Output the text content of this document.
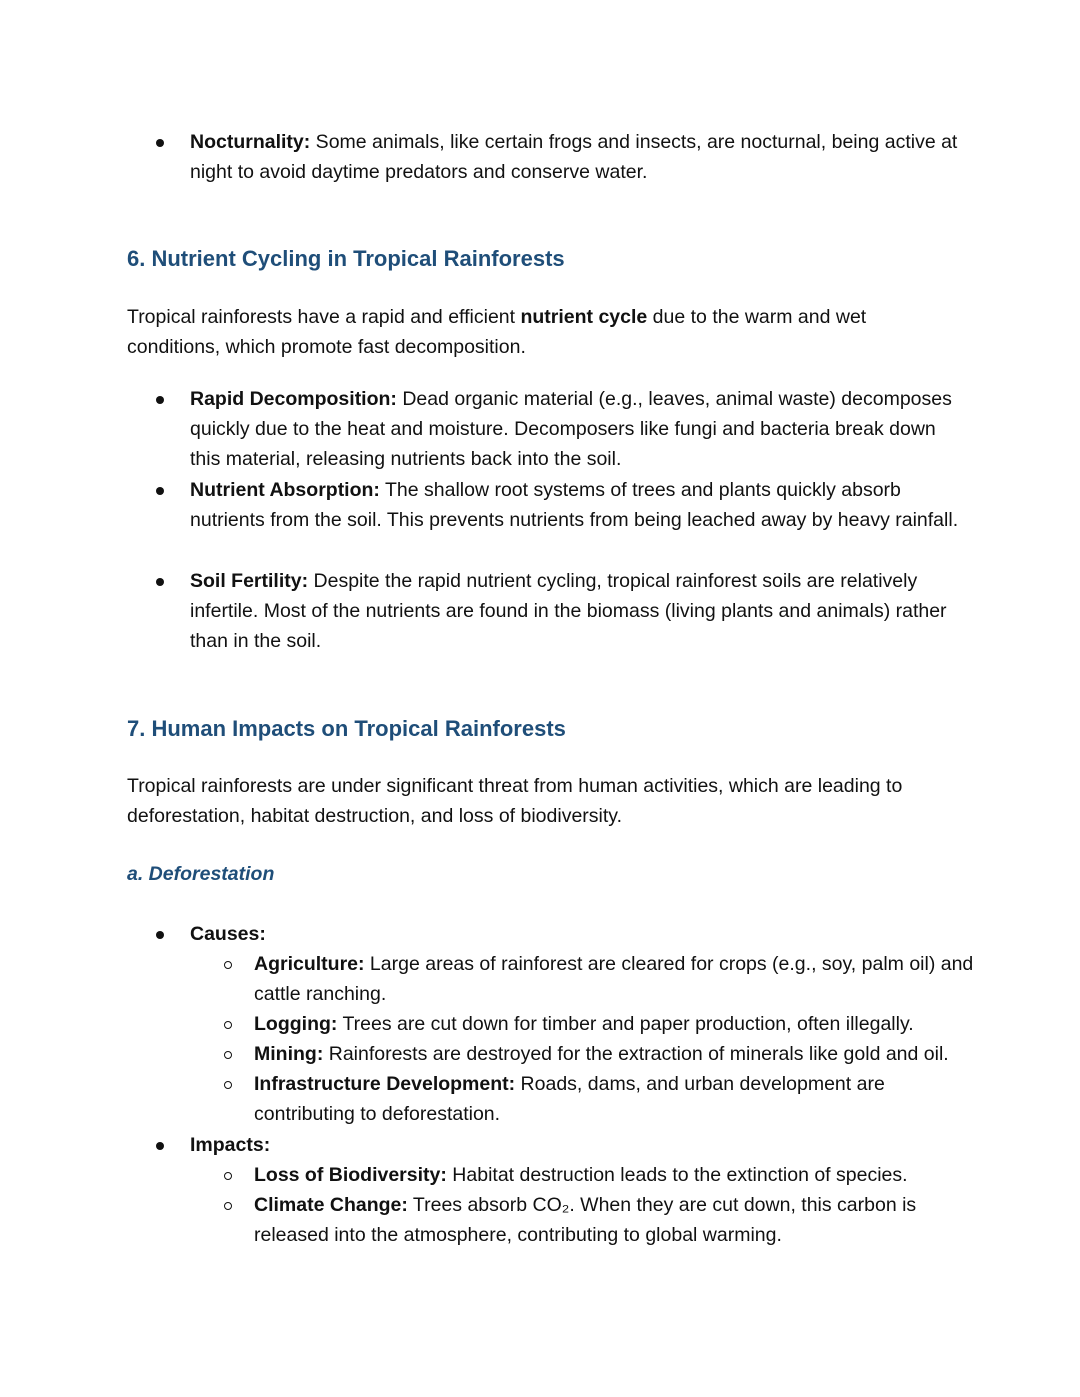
Nocturnality: Some animals, like certain frogs and insects, are nocturnal, being active at night to avoid daytime predators and conserve water.
6. Nutrient Cycling in Tropical Rainforests

Tropical rainforests have a rapid and efficient nutrient cycle due to the warm and wet conditions, which promote fast decomposition.

Rapid Decomposition: Dead organic material (e.g., leaves, animal waste) decomposes quickly due to the heat and moisture. Decomposers like fungi and bacteria break down this material, releasing nutrients back into the soil.
Nutrient Absorption: The shallow root systems of trees and plants quickly absorb nutrients from the soil. This prevents nutrients from being leached away by heavy rainfall.
Soil Fertility: Despite the rapid nutrient cycling, tropical rainforest soils are relatively infertile. Most of the nutrients are found in the biomass (living plants and animals) rather than in the soil.
7. Human Impacts on Tropical Rainforests

Tropical rainforests are under significant threat from human activities, which are leading to deforestation, habitat destruction, and loss of biodiversity.

a. Deforestation
Causes:
Agriculture: Large areas of rainforest are cleared for crops (e.g., soy, palm oil) and cattle ranching.
Logging: Trees are cut down for timber and paper production, often illegally.
Mining: Rainforests are destroyed for the extraction of minerals like gold and oil.
Infrastructure Development: Roads, dams, and urban development are contributing to deforestation.
Impacts:
Loss of Biodiversity: Habitat destruction leads to the extinction of species.
Climate Change: Trees absorb CO₂. When they are cut down, this carbon is released into the atmosphere, contributing to global warming.
